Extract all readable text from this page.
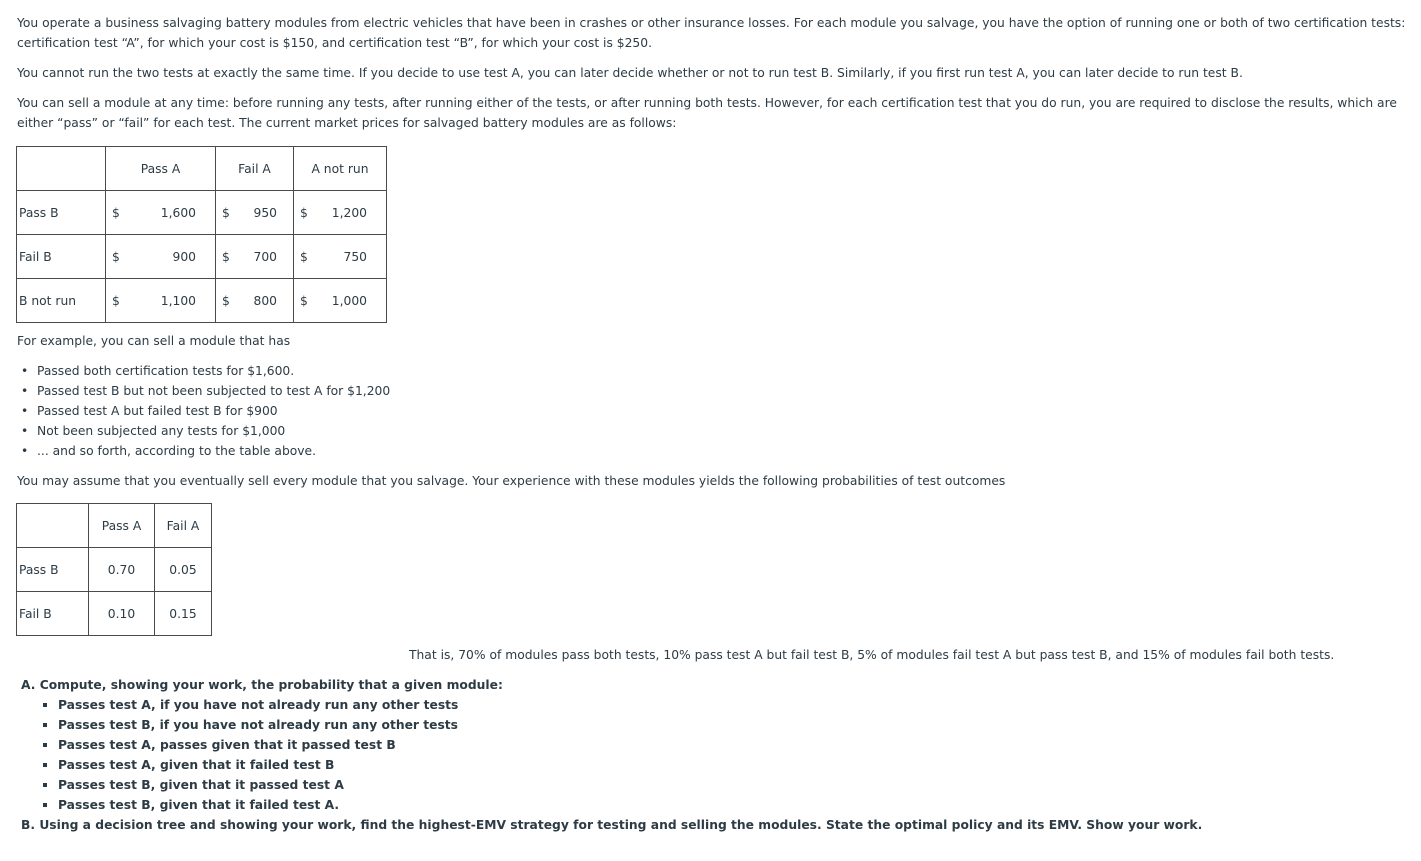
You operate a business salvaging battery modules from electric vehicles that have been in crashes or other insurance losses. For each module you salvage, you have the option of running one or both of two certification tests: certification test “A”, for which your cost is $150, and certification test “B”, for which your cost is $250.

You cannot run the two tests at exactly the same time. If you decide to use test A, you can later decide whether or not to run test B. Similarly, if you first run test A, you can later decide to run test B.

You can sell a module at any time: before running any tests, after running either of the tests, or after running both tests. However, for each certification test that you do run, you are required to disclose the results, which are either “pass” or “fail” for each test. The current market prices for salvaged battery modules are as follows:

	Pass A		Fail A		A not run	
Pass B	$	1,600	$	950	$	1,200
Fail B	$	900	$	700	$	750
B not run	$	1,100	$	800	$	1,000

For example, you can sell a module that has

• Passed both certification tests for $1,600.
• Passed test B but not been subjected to test A for $1,200
• Passed test A but failed test B for $900
• Not been subjected any tests for $1,000
• ... and so forth, according to the table above.

You may assume that you eventually sell every module that you salvage. Your experience with these modules yields the following probabilities of test outcomes

	Pass A	Fail A
Pass B	0.70	0.05
Fail B	0.10	0.15

That is, 70% of modules pass both tests, 10% pass test A but fail test B, 5% of modules fail test A but pass test B, and 15% of modules fail both tests.

A. Compute, showing your work, the probability that a given module:
Passes test A, if you have not already run any other tests
Passes test B, if you have not already run any other tests
Passes test A, passes given that it passed test B
Passes test A, given that it failed test B
Passes test B, given that it passed test A
Passes test B, given that it failed test A.
B. Using a decision tree and showing your work, find the highest-EMV strategy for testing and selling the modules. State the optimal policy and its EMV. Show your work.
